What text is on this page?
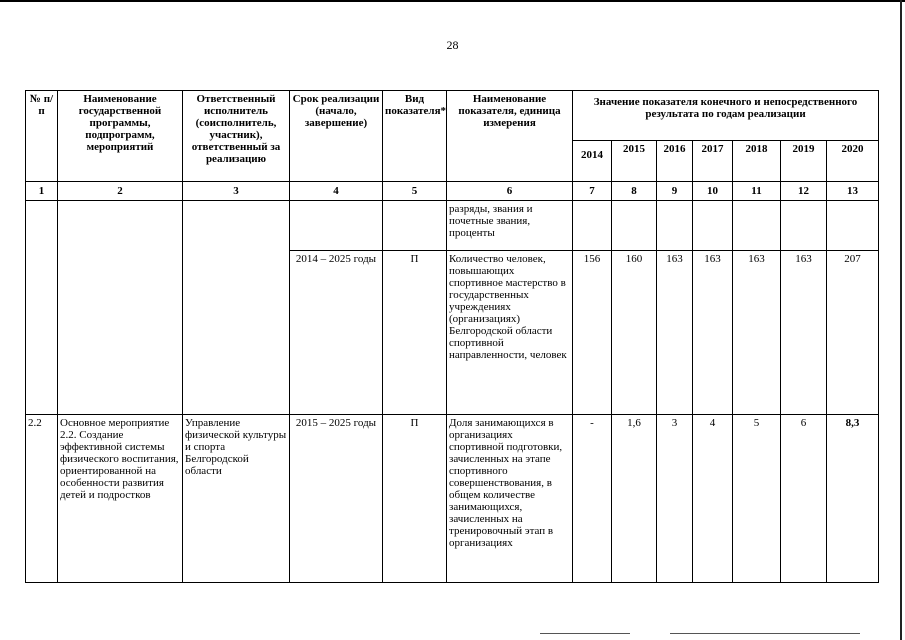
28
№ п/п	Наименование государственной программы, подпрограмм, мероприятий	Ответственный исполнитель (соисполнитель, участник), ответственный за реализацию	Срок реализации (начало, завершение)	Вид показателя*	Наименование показателя, единица измерения	Значение показателя конечного и непосредственного результата по годам реализации						
						2014	2015	2016	2017	2018	2019	2020
1	2	3	4	5	6	7	8	9	10	11	12	13
					разряды, звания и почетные звания, проценты							
			2014 – 2025 годы	П	Количество человек, повышающих спортивное мастерство в государственных учреждениях (организациях) Белгородской области спортивной направленности, человек	156	160	163	163	163	163	207
2.2	Основное мероприятие 2.2. Создание эффективной системы физического воспитания, ориентированной на особенности развития детей и подростков	Управление физической культуры и спорта Белгородской области	2015 – 2025 годы	П	Доля занимающихся в организациях спортивной подготовки, зачисленных на этапе спортивного совершенствования, в общем количестве занимающихся, зачисленных на тренировочный этап в организациях	-	1,6	3	4	5	6	8,3
